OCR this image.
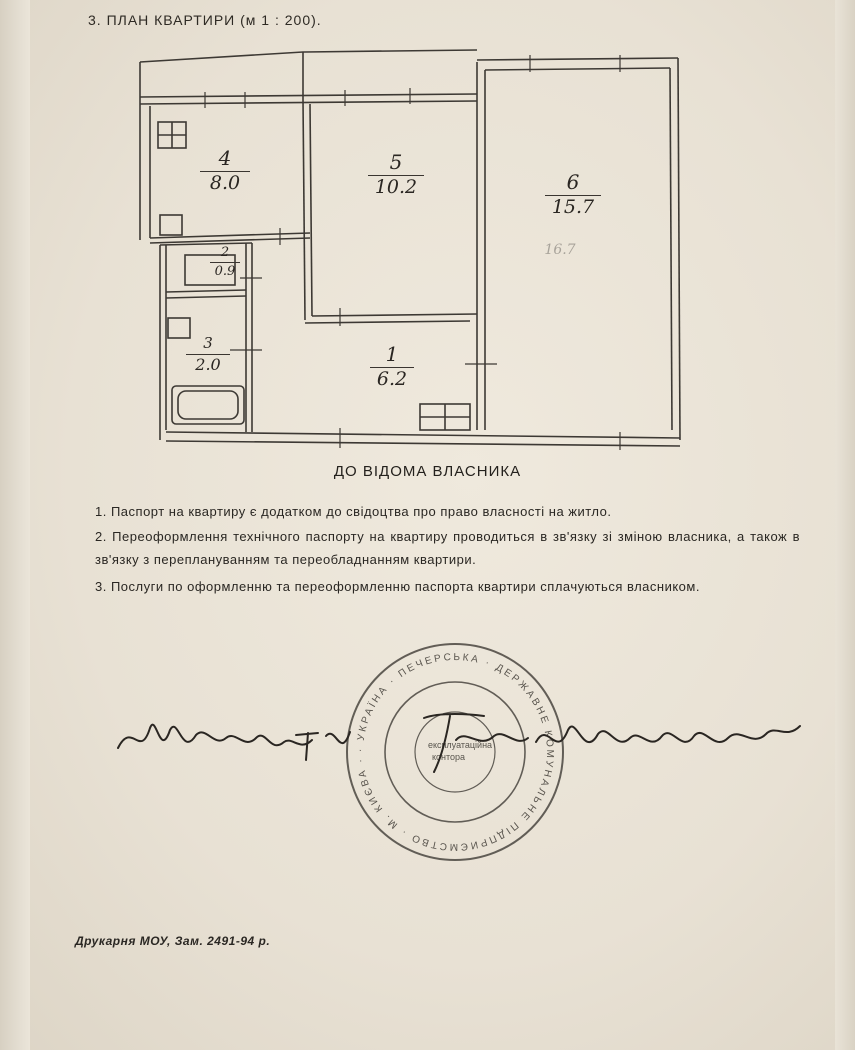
3. ПЛАН КВАРТИРИ (м 1 : 200).
4
8.0
5
10.2	6
15.7
16.7
3
2.0
2
0.9
1
6.2
ДО ВІДОМА ВЛАСНИКА
1. Паспорт на квартиру є додатком до свідоцтва про право власності на житло.
2. Переоформлення технічного паспорту на квартиру проводиться в зв'язку зі зміною власника, а також в зв'язку з переплануванням та переобладнанням квартири.
3. Послуги по оформленню та переоформленню паспорта квартири сплачуються власником.
· УКРАЇНА · ПЕЧЕРСЬКА · ДЕРЖАВНЕ КОМУНАЛЬНЕ ПІДПРИЄМСТВО · М. КИЄВА ·
експлуатаційна
контора
Друкарня МОУ, Зам. 2491-94 р.
